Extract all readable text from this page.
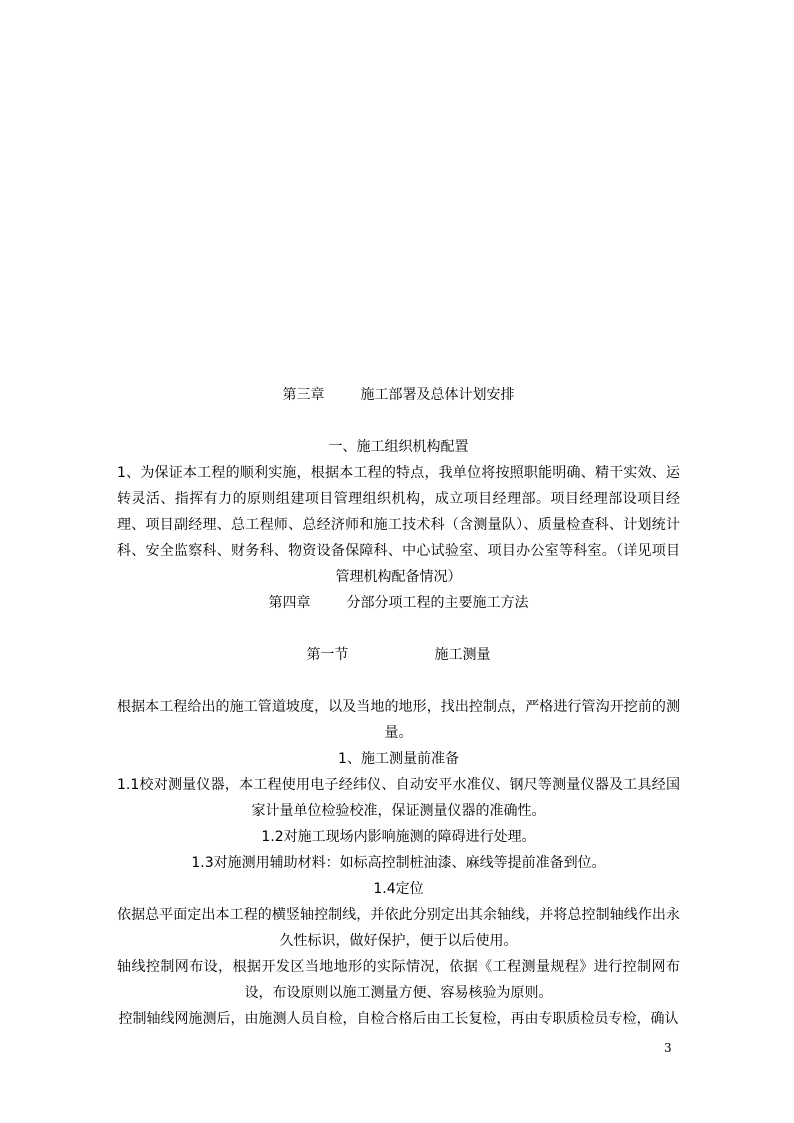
第三章	施工部署及总体计划安排

一、施工组织机构配置

1、为保证本工程的顺利实施，根据本工程的特点，我单位将按照职能明确、精干实效、运转灵活、指挥有力的原则组建项目管理组织机构，成立项目经理部。项目经理部设项目经理、项目副经理、总工程师、总经济师和施工技术科（含测量队）、质量检查科、计划统计科、安全监察科、财务科、物资设备保障科、中心试验室、项目办公室等科室。（详见项目管理机构配备情况）

第四章	分部分项工程的主要施工方法
第一节	施工测量

根据本工程给出的施工管道坡度，以及当地的地形，找出控制点，严格进行管沟开挖前的测量。

1、施工测量前准备

1.1校对测量仪器，本工程使用电子经纬仪、自动安平水准仪、钢尺等测量仪器及工具经国家计量单位检验校准，保证测量仪器的准确性。

1.2对施工现场内影响施测的障碍进行处理。

1.3对施测用辅助材料：如标高控制桩油漆、麻线等提前准备到位。

1.4定位

依据总平面定出本工程的横竖轴控制线，并依此分别定出其余轴线，并将总控制轴线作出永久性标识，做好保护，便于以后使用。

轴线控制网布设，根据开发区当地地形的实际情况，依据《工程测量规程》进行控制网布设，布设原则以施工测量方便、容易核验为原则。

控制轴线网施测后，由施测人员自检，自检合格后由工长复检，再由专职质检员专检，确认

3
